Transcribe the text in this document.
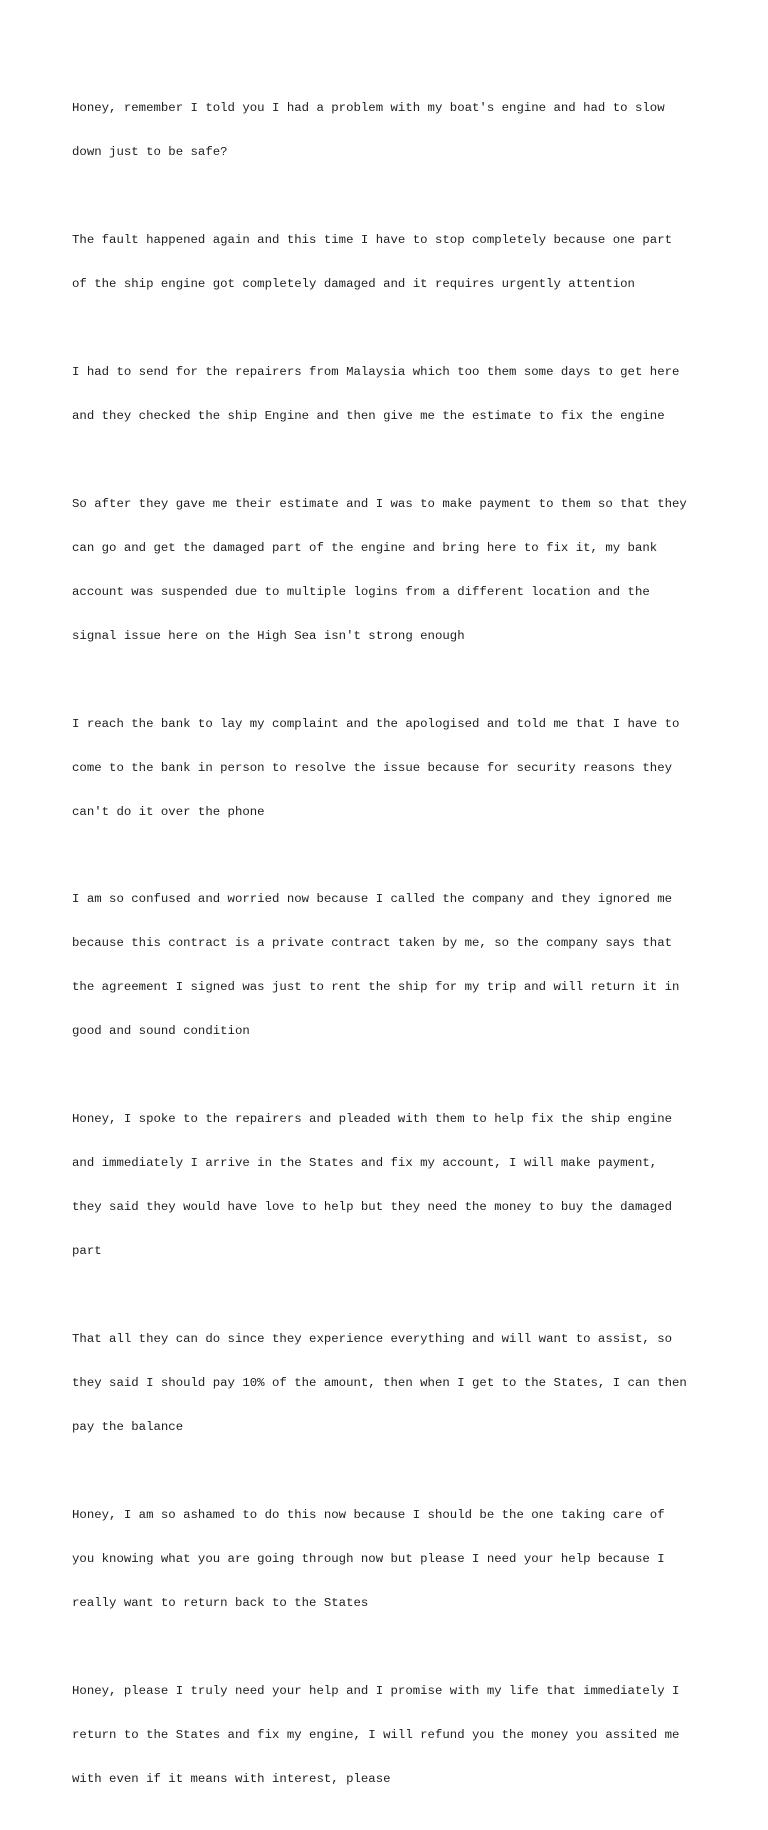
Honey, remember I told you I had a problem with my boat's engine and had to slow

down just to be safe?

The fault happened again and this time I have to stop completely because one part

of the ship engine got completely damaged and it requires urgently attention

I had to send for the repairers from Malaysia which too them some days to get here

and they checked the ship Engine and then give me the estimate to fix the engine

So after they gave me their estimate and I was to make payment to them so that they

can go and get the damaged part of the engine and bring here to fix it, my bank

account was suspended due to multiple logins from a different location and the

signal issue here on the High Sea isn't strong enough

I reach the bank to lay my complaint and the apologised and told me that I have to

come to the bank in person to resolve the issue because for security reasons they

can't do it over the phone

I am so confused and worried now because I called the company and they ignored me

because this contract is a private contract taken by me, so the company says that

the agreement I signed was just to rent the ship for my trip and will return it in

good and sound condition

Honey, I spoke to the repairers and pleaded with them to help fix the ship engine

and immediately I arrive in the States and fix my account, I will make payment,

they said they would have love to help but they need the money to buy the damaged

part

That all they can do since they experience everything and will want to assist, so

they said I should pay 10% of the amount, then when I get to the States, I can then

pay the balance

Honey, I am so ashamed to do this now because I should be the one taking care of

you knowing what you are going through now but please I need your help because I

really want to return back to the States

Honey, please I truly need your help and I promise with my life that immediately I

return to the States and fix my engine, I will refund you the money you assited me

with even if it means with interest, please
